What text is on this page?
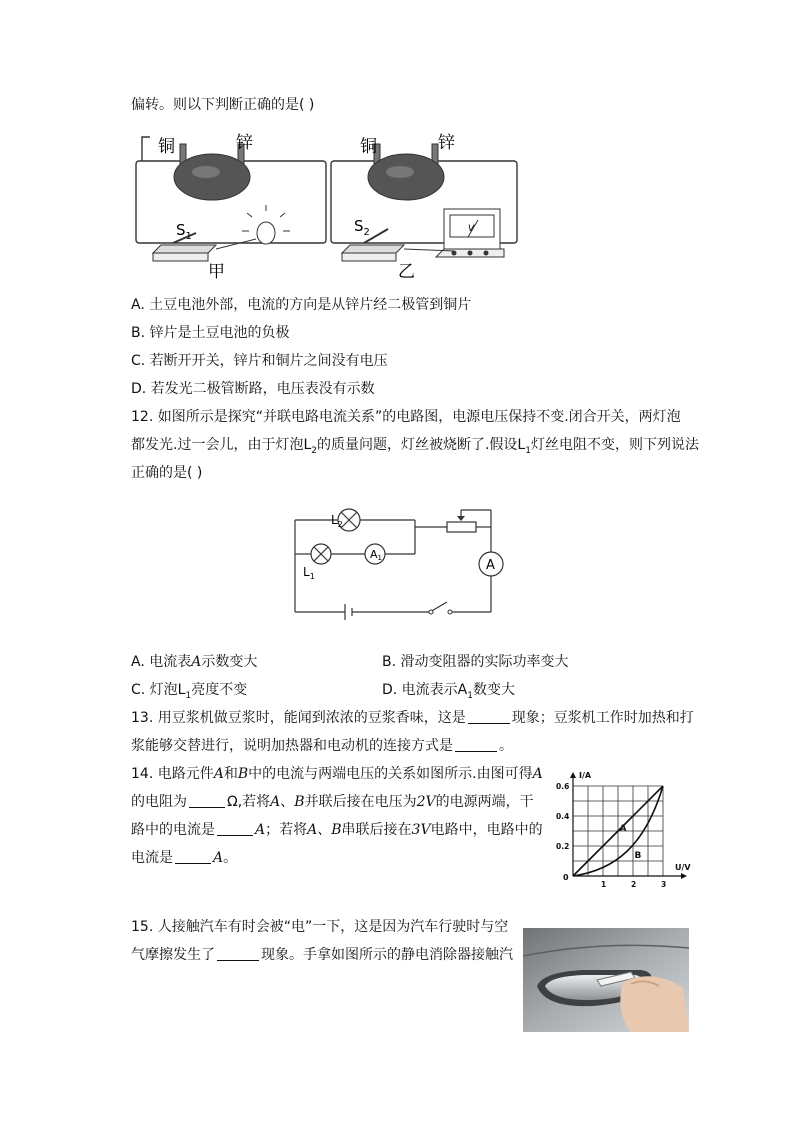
偏转。则以下判断正确的是( )
铜	锌
$S_1$
甲
铜	锌
$S_2$
乙
V
A. 土豆电池外部，电流的方向是从锌片经二极管到铜片
B. 锌片是土豆电池的负极
C. 若断开开关，锌片和铜片之间没有电压
D. 若发光二极管断路，电压表没有示数
12. 如图所示是探究“并联电路电流关系”的电路图，电源电压保持不变.闭合开关，两灯泡
都发光.过一会儿，由于灯泡$L_2$的质量问题，灯丝被烧断了.假设$L_1$灯丝电阻不变，则下列说法
正确的是( )
$L_2$
$L_1$
A1	A
A. 电流表A示数变大	B. 滑动变阻器的实际功率变大
C. 灯泡$L_1$亮度不变	D. 电流表示$A_1$数变大
13. 用豆浆机做豆浆时，能闻到浓浓的豆浆香味，这是	现象；豆浆机工作时加热和打
浆能够交替进行，说明加热器和电动机的连接方式是	。
14. 电路元件A和B中的电流与两端电压的关系如图所示.由图可得A
的电阻为	Ω,若将A、B并联后接在电压为2V的电源两端，干
路中的电流是	A；若将A、B串联后接在3V电路中，电路中的
电流是	A。
I/A
U/V
0
0.2
0.4
0.6
1	2	3
A
B
15. 人接触汽车有时会被“电”一下，这是因为汽车行驶时与空
气摩擦发生了	现象。手拿如图所示的静电消除器接触汽
